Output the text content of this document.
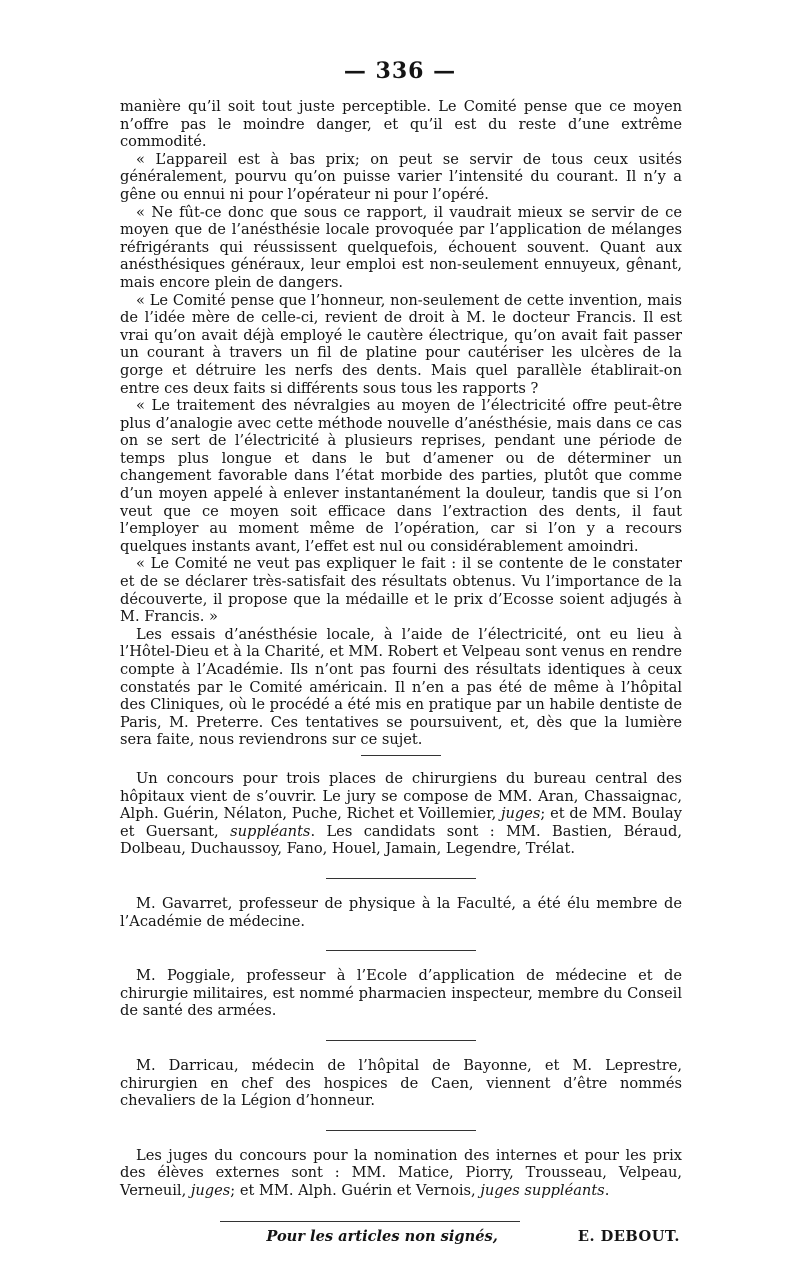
— 336 —

manière qu’il soit tout juste perceptible. Le Comité pense que ce moyen n’offre pas le moindre danger, et qu’il est du reste d’une extrême commodité.

« L’appareil est à bas prix; on peut se servir de tous ceux usités généralement, pourvu qu’on puisse varier l’intensité du courant. Il n’y a gêne ou ennui ni pour l’opérateur ni pour l’opéré.

« Ne fût-ce donc que sous ce rapport, il vaudrait mieux se servir de ce moyen que de l’anésthésie locale provoquée par l’application de mélanges réfrigérants qui réussissent quelquefois, échouent souvent. Quant aux anésthésiques généraux, leur emploi est non-seulement ennuyeux, gênant, mais encore plein de dangers.

« Le Comité pense que l’honneur, non-seulement de cette invention, mais de l’idée mère de celle-ci, revient de droit à M. le docteur Francis. Il est vrai qu’on avait déjà employé le cautère électrique, qu’on avait fait passer un courant à travers un fil de platine pour cautériser les ulcères de la gorge et détruire les nerfs des dents. Mais quel parallèle établirait-on entre ces deux faits si différents sous tous les rapports ?

« Le traitement des névralgies au moyen de l’électricité offre peut-être plus d’analogie avec cette méthode nouvelle d’anésthésie, mais dans ce cas on se sert de l’électricité à plusieurs reprises, pendant une période de temps plus longue et dans le but d’amener ou de déterminer un changement favorable dans l’état morbide des parties, plutôt que comme d’un moyen appelé à enlever instantanément la douleur, tandis que si l’on veut que ce moyen soit efficace dans l’extraction des dents, il faut l’employer au moment même de l’opération, car si l’on y a recours quelques instants avant, l’effet est nul ou considérablement amoindri.

« Le Comité ne veut pas expliquer le fait : il se contente de le constater et de se déclarer très-satisfait des résultats obtenus. Vu l’importance de la découverte, il propose que la médaille et le prix d’Ecosse soient adjugés à M. Francis. »

Les essais d’anésthésie locale, à l’aide de l’électricité, ont eu lieu à l’Hôtel-Dieu et à la Charité, et MM. Robert et Velpeau sont venus en rendre compte à l’Académie. Ils n’ont pas fourni des résultats identiques à ceux constatés par le Comité américain. Il n’en a pas été de même à l’hôpital des Cliniques, où le procédé a été mis en pratique par un habile dentiste de Paris, M. Preterre. Ces tentatives se poursuivent, et, dès que la lumière sera faite, nous reviendrons sur ce sujet.

Un concours pour trois places de chirurgiens du bureau central des hôpitaux vient de s’ouvrir. Le jury se compose de MM. Aran, Chassaignac, Alph. Guérin, Nélaton, Puche, Richet et Voillemier, juges; et de MM. Boulay et Guersant, suppléants. Les candidats sont : MM. Bastien, Béraud, Dolbeau, Duchaussoy, Fano, Houel, Jamain, Legendre, Trélat.

M. Gavarret, professeur de physique à la Faculté, a été élu membre de l’Académie de médecine.

M. Poggiale, professeur à l’Ecole d’application de médecine et de chirurgie militaires, est nommé pharmacien inspecteur, membre du Conseil de santé des armées.

M. Darricau, médecin de l’hôpital de Bayonne, et M. Leprestre, chirurgien en chef des hospices de Caen, viennent d’être nommés chevaliers de la Légion d’honneur.

Les juges du concours pour la nomination des internes et pour les prix des élèves externes sont : MM. Matice, Piorry, Trousseau, Velpeau, Verneuil, juges; et MM. Alph. Guérin et Vernois, juges suppléants.

Pour les articles non signés,	E. DEBOUT.
